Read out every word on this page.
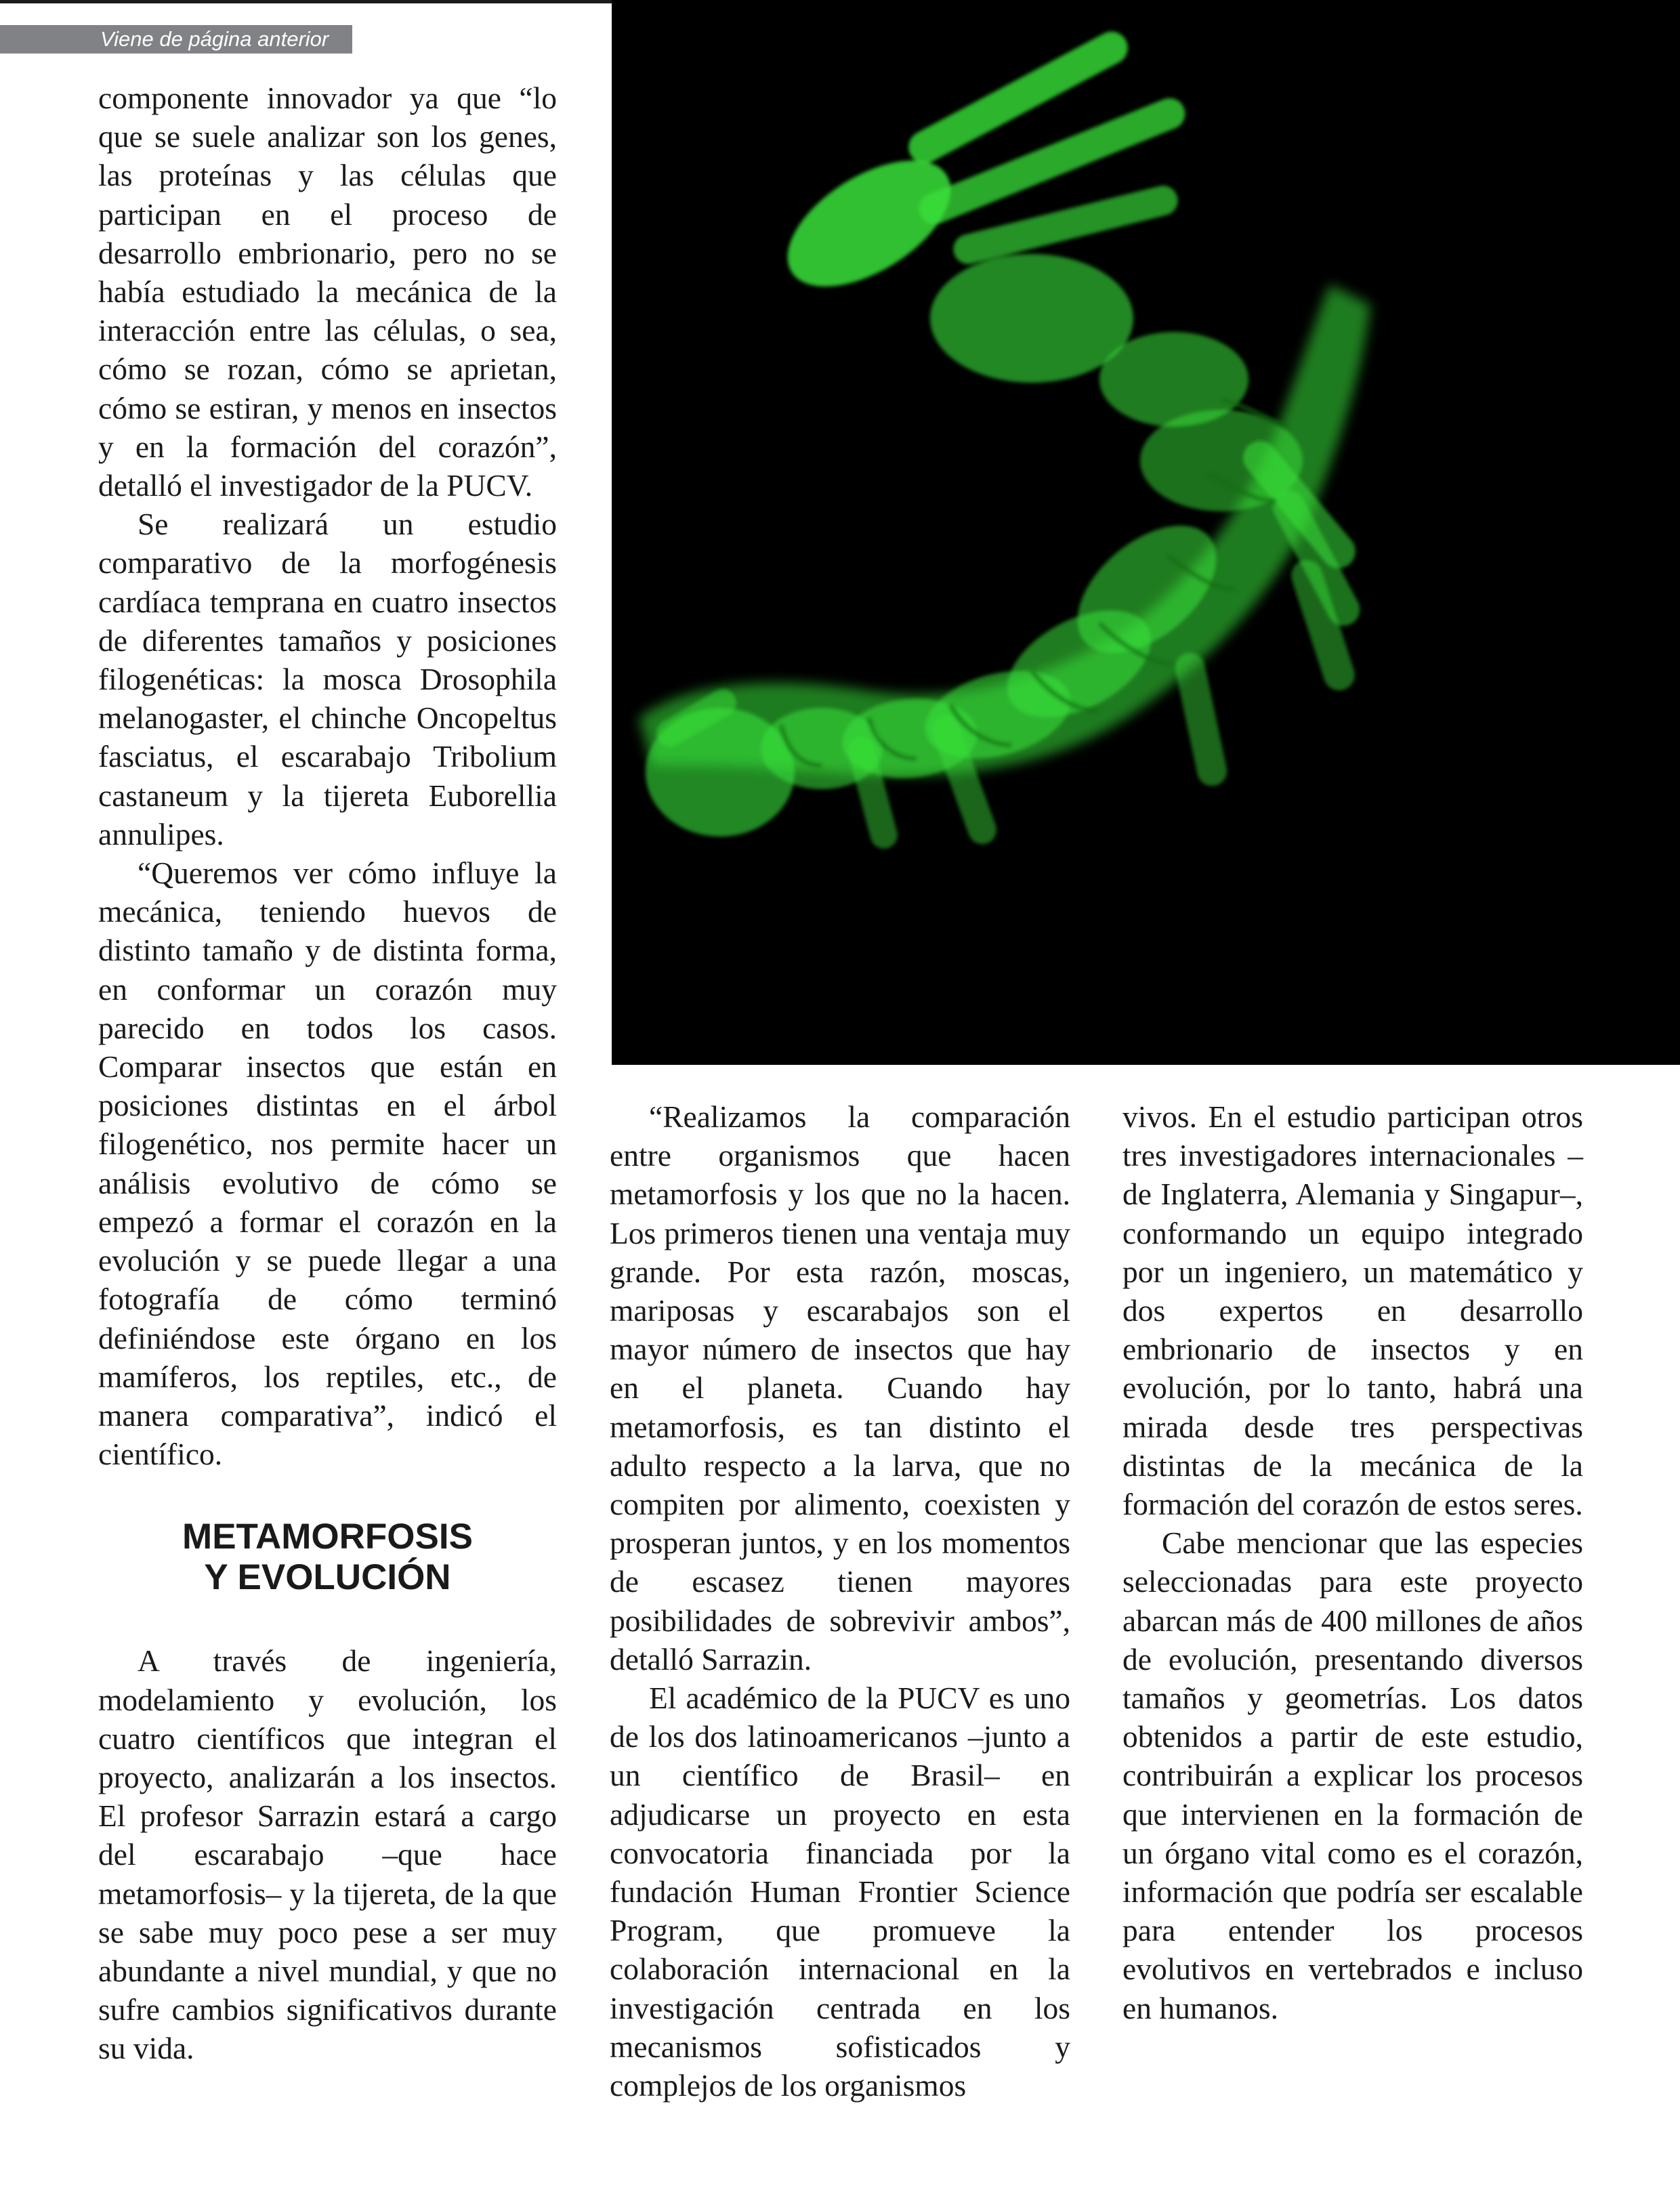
Viene de página anterior

componente innovador ya que “lo que se suele analizar son los genes, las proteínas y las células que participan en el proceso de desarrollo embrionario, pero no se había estudiado la mecánica de la interacción entre las células, o sea, cómo se rozan, cómo se aprietan, cómo se estiran, y menos en insectos y en la formación del corazón”, detalló el investigador de la PUCV.

Se realizará un estudio comparativo de la morfogénesis cardíaca temprana en cuatro insectos de diferentes tamaños y posiciones filogenéticas: la mosca Drosophila melanogaster, el chinche Oncopeltus fasciatus, el escarabajo Tribolium castaneum y la tijereta Euborellia annulipes.

“Queremos ver cómo influye la mecánica, teniendo huevos de distinto tamaño y de distinta forma, en conformar un corazón muy parecido en todos los casos. Comparar insectos que están en posiciones distintas en el árbol filogenético, nos permite hacer un análisis evolutivo de cómo se empezó a formar el corazón en la evolución y se puede llegar a una fotografía de cómo terminó definiéndose este órgano en los mamíferos, los reptiles, etc., de manera comparativa”, indicó el científico.

METAMORFOSIS
Y EVOLUCIÓN

A través de ingeniería, modelamiento y evolución, los cuatro científicos que integran el proyecto, analizarán a los insectos. El profesor Sarrazin estará a cargo del escarabajo –que hace metamorfosis– y la tijereta, de la que se sabe muy poco pese a ser muy abundante a nivel mundial, y que no sufre cambios significativos durante su vida.

“Realizamos la comparación entre organismos que hacen metamorfosis y los que no la hacen. Los primeros tienen una ventaja muy grande. Por esta razón, moscas, mariposas y escarabajos son el mayor número de insectos que hay en el planeta. Cuando hay metamorfosis, es tan distinto el adulto respecto a la larva, que no compiten por alimento, coexisten y prosperan juntos, y en los momentos de escasez tienen mayores posibilidades de sobrevivir ambos”, detalló Sarrazin.

El académico de la PUCV es uno de los dos latinoamericanos –junto a un científico de Brasil– en adjudicarse un proyecto en esta convocatoria financiada por la fundación Human Frontier Science Program, que promueve la colaboración internacional en la investigación centrada en los mecanismos sofisticados y complejos de los organismos

vivos. En el estudio participan otros tres investigadores internacionales –de Inglaterra, Alemania y Singapur–, conformando un equipo integrado por un ingeniero, un matemático y dos expertos en desarrollo embrionario de insectos y en evolución, por lo tanto, habrá una mirada desde tres perspectivas distintas de la mecánica de la formación del corazón de estos seres.

Cabe mencionar que las especies seleccionadas para este proyecto abarcan más de 400 millones de años de evolución, presentando diversos tamaños y geometrías. Los datos obtenidos a partir de este estudio, contribuirán a explicar los procesos que intervienen en la formación de un órgano vital como es el corazón, información que podría ser escalable para entender los procesos evolutivos en vertebrados e incluso en humanos.
